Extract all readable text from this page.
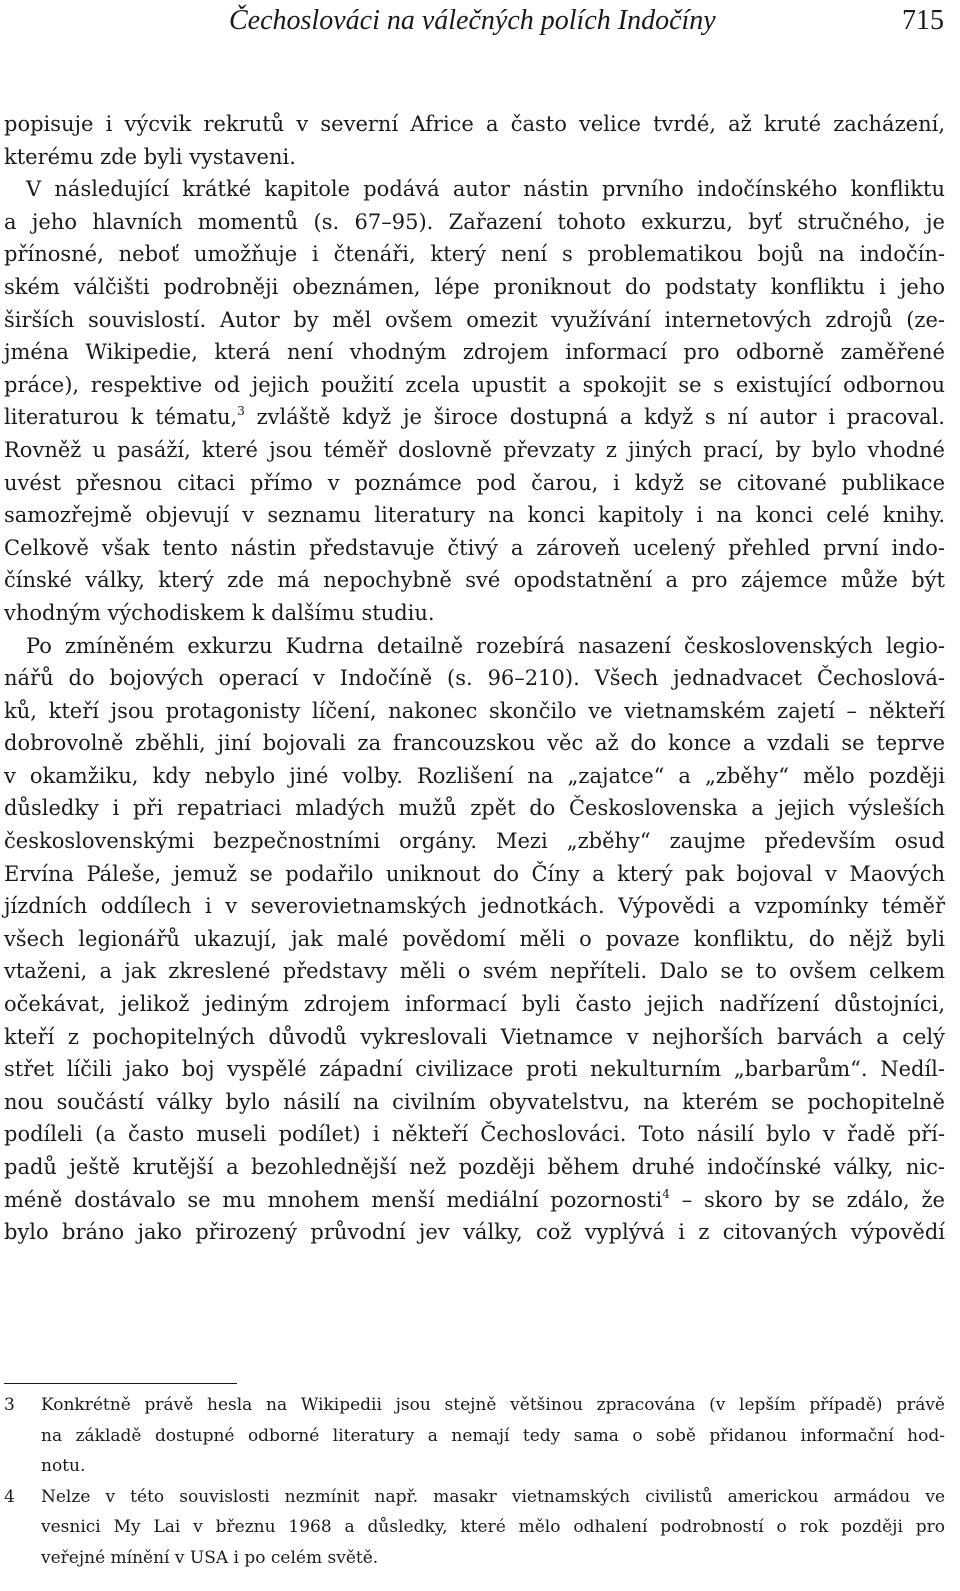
Čechoslováci na válečných polích Indočíny	715
popisuje i výcvik rekrutů v severní Africe a často velice tvrdé, až kruté zacházení,
kterému zde byli vystaveni.
V následující krátké kapitole podává autor nástin prvního indočínského konfliktu
a jeho hlavních momentů (s. 67–95). Zařazení tohoto exkurzu, byť stručného, je
přínosné, neboť umožňuje i čtenáři, který není s problematikou bojů na indočín-
ském válčišti podrobněji obeznámen, lépe proniknout do podstaty konfliktu i jeho
širších souvislostí. Autor by měl ovšem omezit využívání internetových zdrojů (ze-
jména Wikipedie, která není vhodným zdrojem informací pro odborně zaměřené
práce), respektive od jejich použití zcela upustit a spokojit se s existující odbornou
literaturou k tématu,$^3$ zvláště když je široce dostupná a když s ní autor i pracoval.
Rovněž u pasáží, které jsou téměř doslovně převzaty z jiných prací, by bylo vhodné
uvést přesnou citaci přímo v poznámce pod čarou, i když se citované publikace
samozřejmě objevují v seznamu literatury na konci kapitoly i na konci celé knihy.
Celkově však tento nástin představuje čtivý a zároveň ucelený přehled první indo-
čínské války, který zde má nepochybně své opodstatnění a pro zájemce může být
vhodným východiskem k dalšímu studiu.
Po zmíněném exkurzu Kudrna detailně rozebírá nasazení československých legio-
nářů do bojových operací v Indočíně (s. 96–210). Všech jednadvacet Čechoslová-
ků, kteří jsou protagonisty líčení, nakonec skončilo ve vietnamském zajetí – někteří
dobrovolně zběhli, jiní bojovali za francouzskou věc až do konce a vzdali se teprve
v okamžiku, kdy nebylo jiné volby. Rozlišení na „zajatce“ a „zběhy“ mělo později
důsledky i při repatriaci mladých mužů zpět do Československa a jejich výsleších
československými bezpečnostními orgány. Mezi „zběhy“ zaujme především osud
Ervína Páleše, jemuž se podařilo uniknout do Číny a který pak bojoval v Maových
jízdních oddílech i v severovietnamských jednotkách. Výpovědi a vzpomínky téměř
všech legionářů ukazují, jak malé povědomí měli o povaze konfliktu, do nějž byli
vtaženi, a jak zkreslené představy měli o svém nepříteli. Dalo se to ovšem celkem
očekávat, jelikož jediným zdrojem informací byli často jejich nadřízení důstojníci,
kteří z pochopitelných důvodů vykreslovali Vietnamce v nejhorších barvách a celý
střet líčili jako boj vyspělé západní civilizace proti nekulturním „barbarům“. Nedíl-
nou součástí války bylo násilí na civilním obyvatelstvu, na kterém se pochopitelně
podíleli (a často museli podílet) i někteří Čechoslováci. Toto násilí bylo v řadě pří-
padů ještě krutější a bezohlednější než později během druhé indočínské války, nic-
méně dostávalo se mu mnohem menší mediální pozornosti$^4$ – skoro by se zdálo, že
bylo bráno jako přirozený průvodní jev války, což vyplývá i z citovaných výpovědí
3 Konkrétně právě hesla na Wikipedii jsou stejně většinou zpracována (v lepším případě) právě
na základě dostupné odborné literatury a nemají tedy sama o sobě přidanou informační hod-
notu.
4 Nelze v této souvislosti nezmínit např. masakr vietnamských civilistů americkou armádou ve
vesnici My Lai v březnu 1968 a důsledky, které mělo odhalení podrobností o rok později pro
veřejné mínění v USA i po celém světě.
